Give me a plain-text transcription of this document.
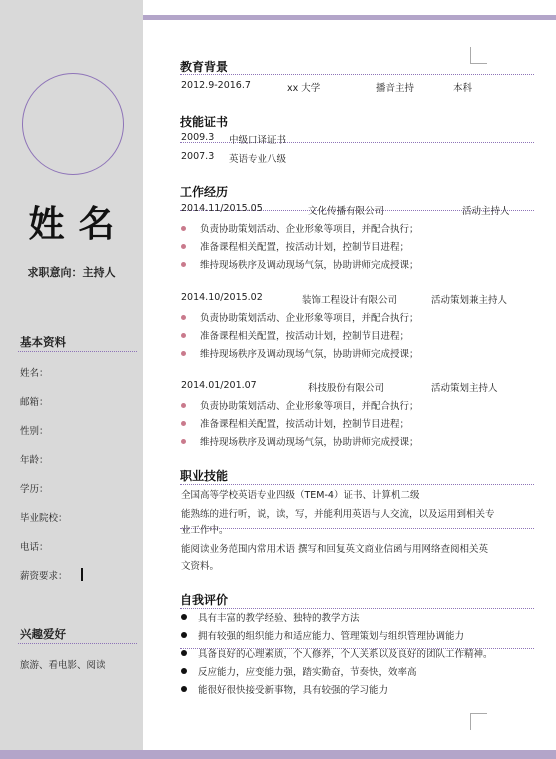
姓名
求职意向：主持人
基本资料
姓名：
邮箱：
性别：
年龄：
学历：
毕业院校：
电话：
薪资要求：
兴趣爱好
旅游、看电影、阅读
教育背景
2012.9-2016.7	xx 大学	播音主持	本科
技能证书
2009.3 中级口译证书
2007.3 英语专业八级
工作经历
2014.11/2015.05	文化传播有限公司	活动主持人
负责协助策划活动、企业形象等项目，并配合执行；
准备课程相关配置，按活动计划，控制节目进程；
维持现场秩序及调动现场气氛，协助讲师完成授课；
2014.10/2015.02	装饰工程设计有限公司	活动策划兼主持人
负责协助策划活动、企业形象等项目，并配合执行；
准备课程相关配置，按活动计划，控制节目进程；
维持现场秩序及调动现场气氛，协助讲师完成授课；
2014.01/201.07	科技股份有限公司	活动策划主持人
负责协助策划活动、企业形象等项目，并配合执行；
准备课程相关配置，按活动计划，控制节目进程；
维持现场秩序及调动现场气氛，协助讲师完成授课；
职业技能
全国高等学校英语专业四级（TEM-4）证书、计算机二级
能熟练的进行听，说，读，写，并能利用英语与人交流，以及运用到相关专
业工作中。
能阅读业务范围内常用术语 撰写和回复英文商业信函与用网络查阅相关英
文资料。
自我评价
具有丰富的教学经验、独特的教学方法
拥有较强的组织能力和适应能力、管理策划与组织管理协调能力
具备良好的心理素质，个人修养，个人关系以及良好的团队工作精神。
反应能力，应变能力强，踏实勤奋，节奏快，效率高
能很好很快接受新事物，具有较强的学习能力
